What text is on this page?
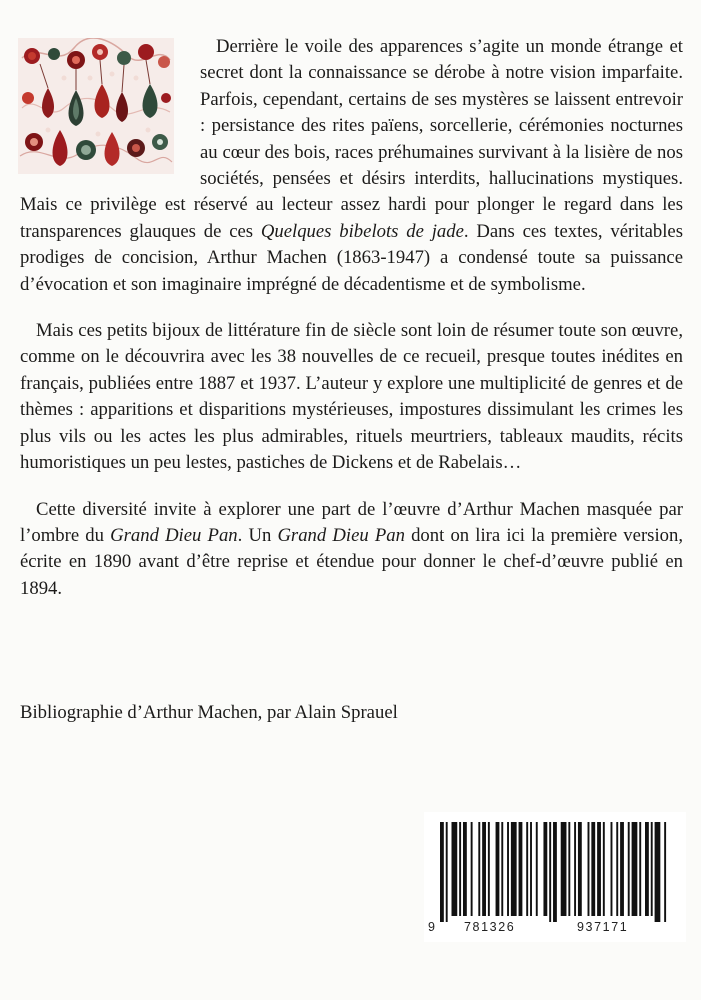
Derrière le voile des apparences s’agite un monde étrange et secret dont la connaissance se dérobe à notre vision imparfaite. Parfois, cependant, certains de ses mystères se laissent entrevoir : persistance des rites païens, sorcellerie, cérémonies nocturnes au cœur des bois, races préhumaines survivant à la lisière de nos sociétés, pensées et désirs interdits, hallucinations mystiques. Mais ce privilège est réservé au lecteur assez hardi pour plonger le regard dans les transparences glauques de ces Quelques bibelots de jade. Dans ces textes, véritables prodiges de concision, Arthur Machen (1863-1947) a condensé toute sa puissance d’évocation et son imaginaire imprégné de décadentisme et de symbolisme.

Mais ces petits bijoux de littérature fin de siècle sont loin de résumer toute son œuvre, comme on le découvrira avec les 38 nouvelles de ce recueil, presque toutes inédites en français, publiées entre 1887 et 1937. L’auteur y explore une multiplicité de genres et de thèmes : apparitions et disparitions mystérieuses, impostures dissimulant les crimes les plus vils ou les actes les plus admirables, rituels meurtriers, tableaux maudits, récits humoristiques un peu lestes, pastiches de Dickens et de Rabelais…

Cette diversité invite à explorer une part de l’œuvre d’Arthur Machen masquée par l’ombre du Grand Dieu Pan. Un Grand Dieu Pan dont on lira ici la première version, écrite en 1890 avant d’être reprise et étendue pour donner le chef-d’œuvre publié en 1894.

Bibliographie d’Arthur Machen, par Alain Sprauel
9 781326	937171
